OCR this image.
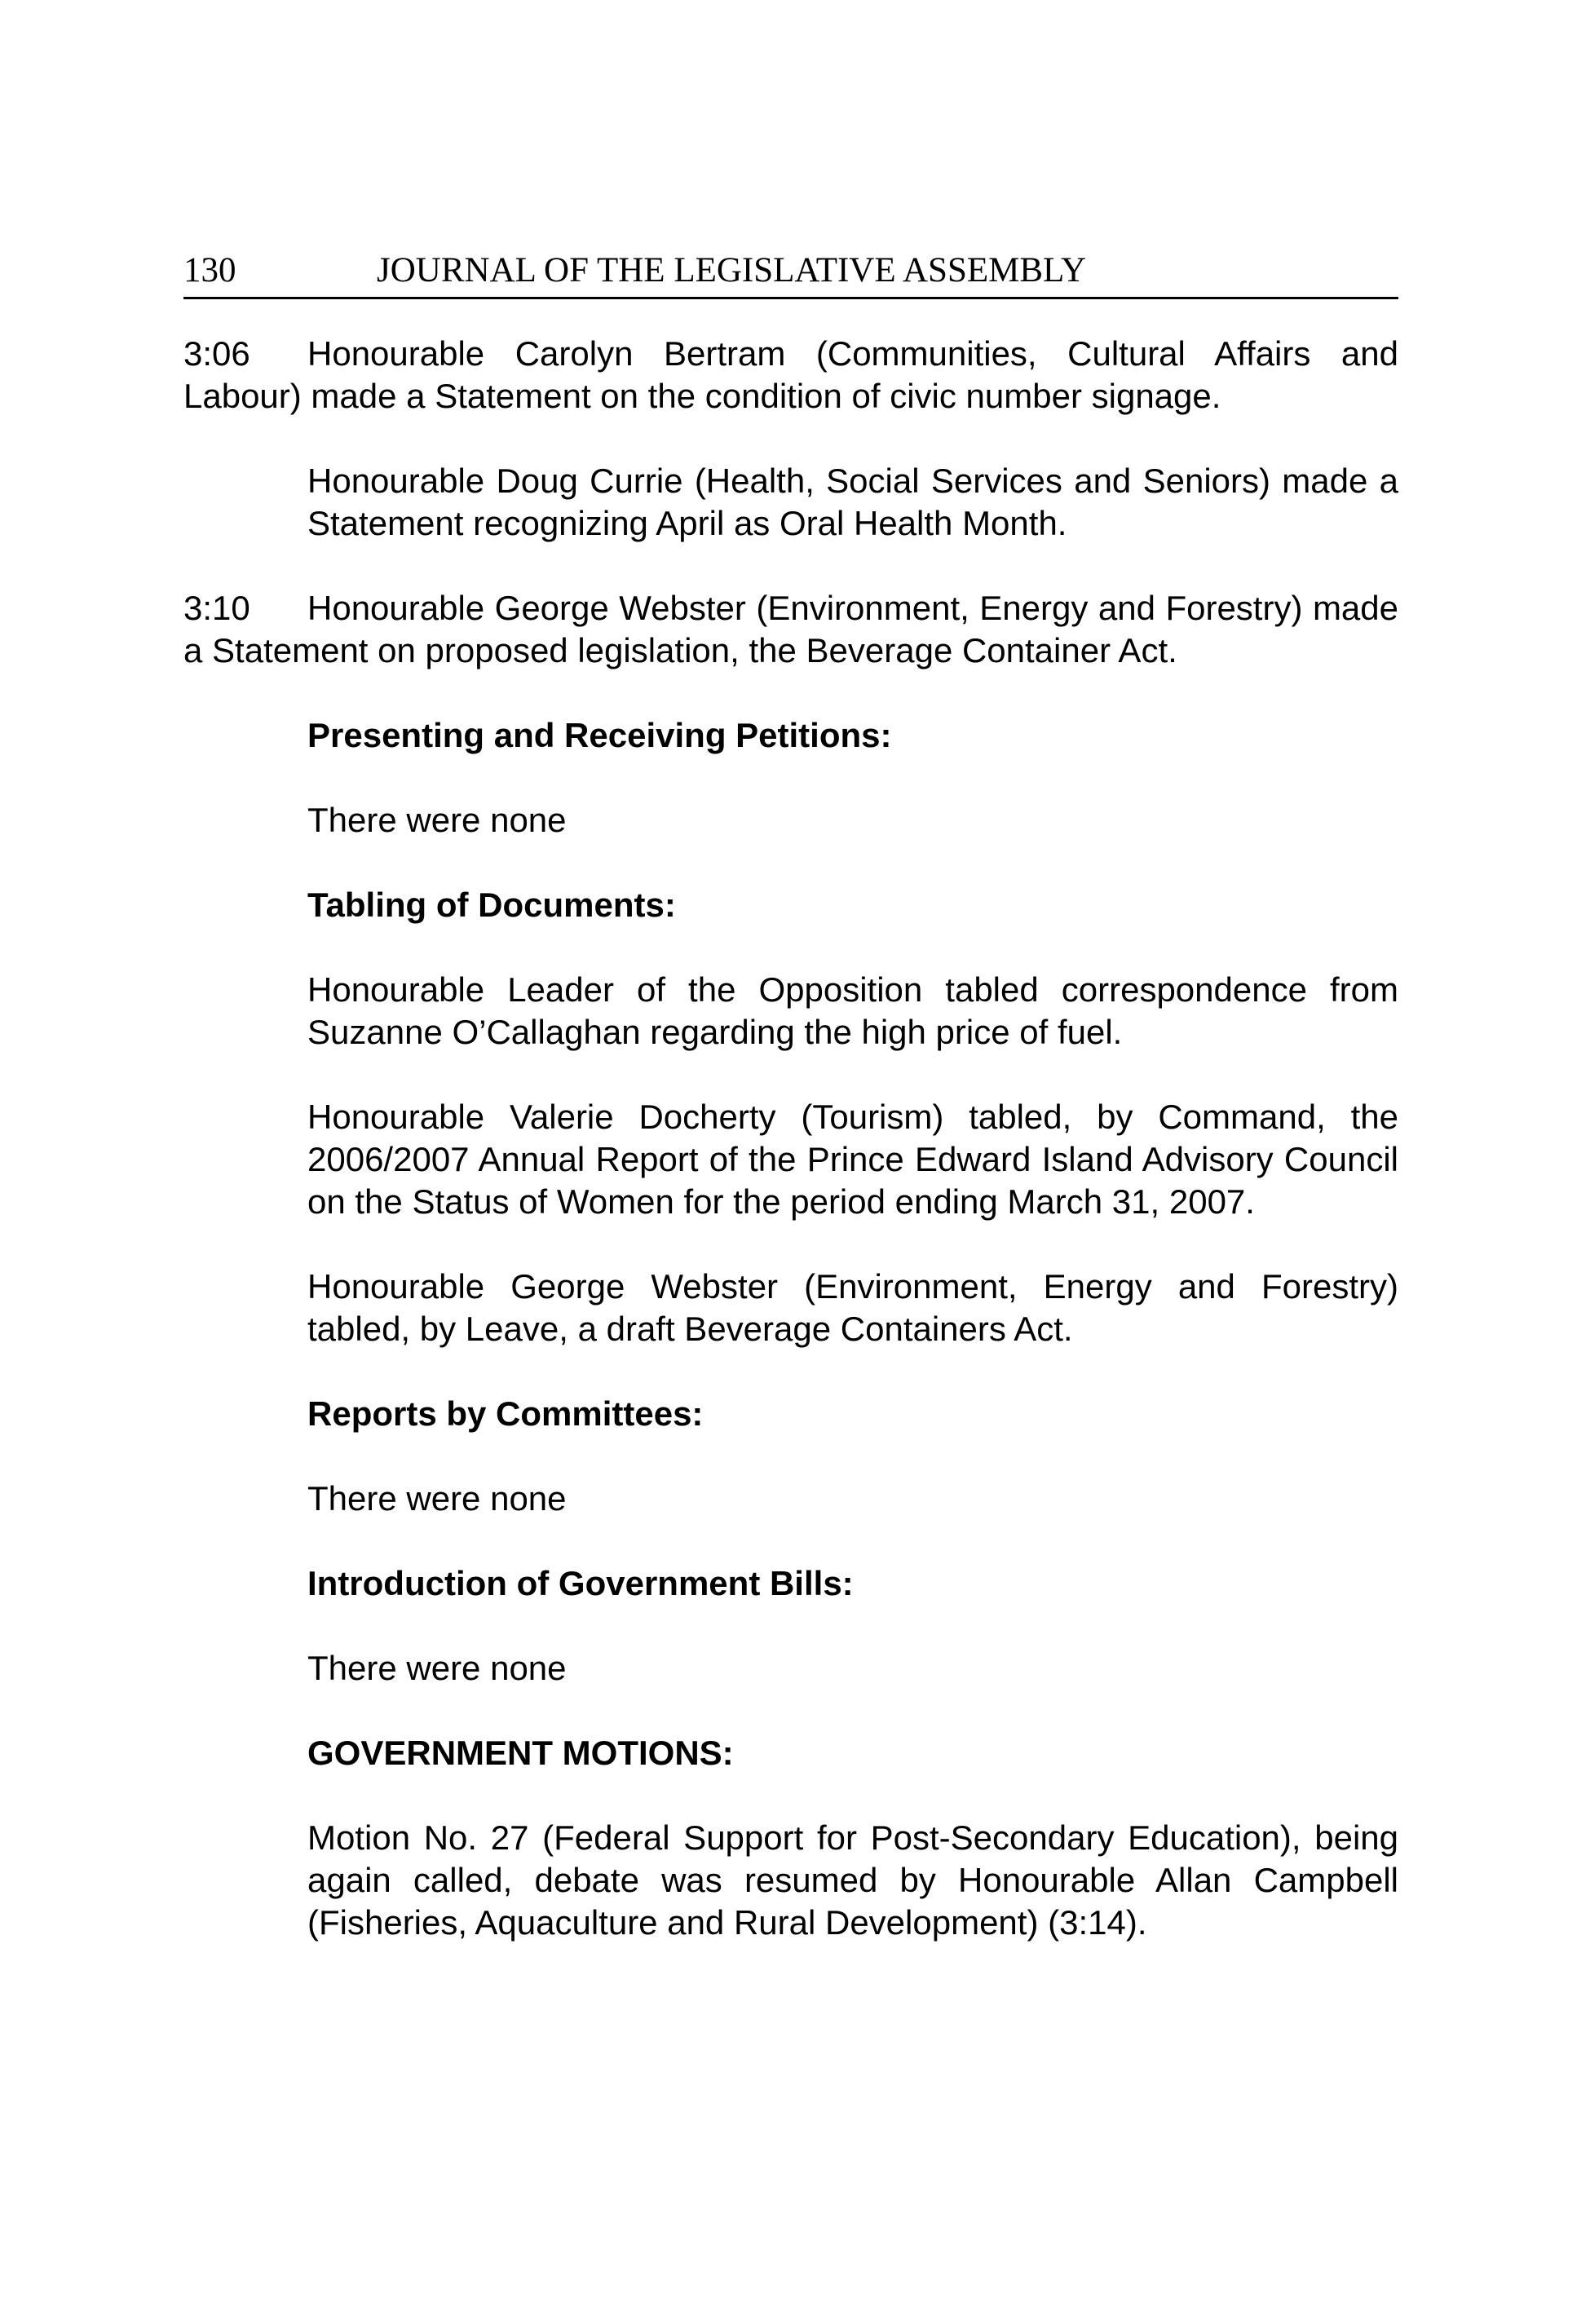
130	JOURNAL OF THE LEGISLATIVE ASSEMBLY

3:06 Honourable Carolyn Bertram (Communities, Cultural Affairs and Labour) made a Statement on the condition of civic number signage.

Honourable Doug Currie (Health, Social Services and Seniors) made a Statement recognizing April as Oral Health Month.

3:10 Honourable George Webster (Environment, Energy and Forestry) made a Statement on proposed legislation, the Beverage Container Act.

Presenting and Receiving Petitions:

There were none

Tabling of Documents:

Honourable Leader of the Opposition tabled correspondence from Suzanne O’Callaghan regarding the high price of fuel.

Honourable Valerie Docherty (Tourism) tabled, by Command, the 2006/2007 Annual Report of the Prince Edward Island Advisory Council on the Status of Women for the period ending March 31, 2007.

Honourable George Webster (Environment, Energy and Forestry) tabled, by Leave, a draft Beverage Containers Act.

Reports by Committees:

There were none

Introduction of Government Bills:

There were none

GOVERNMENT MOTIONS:

Motion No. 27 (Federal Support for Post-Secondary Education), being again called, debate was resumed by Honourable Allan Campbell (Fisheries, Aquaculture and Rural Development) (3:14).
